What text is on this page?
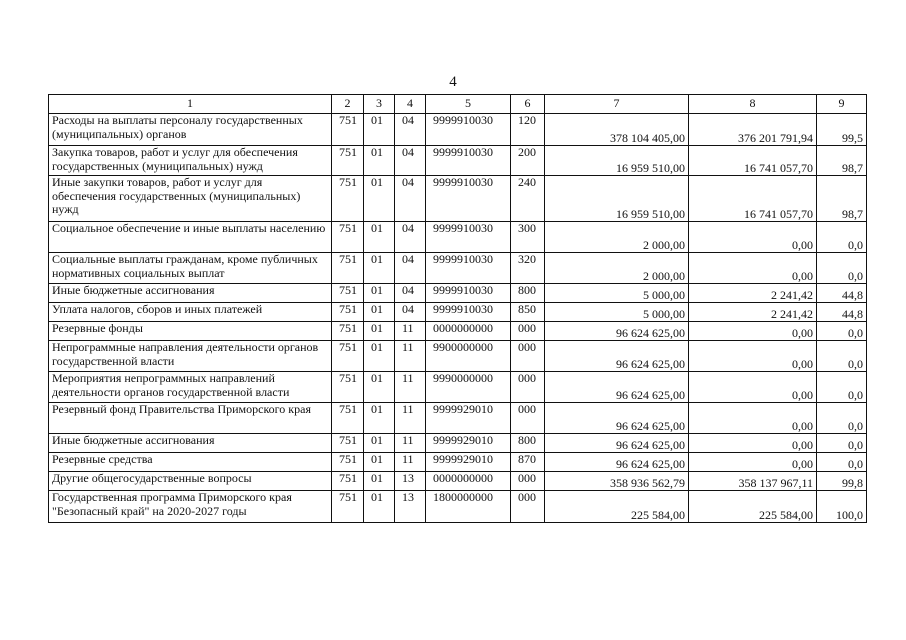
4
1	2	3	4	5	6	7	8	9
Расходы на выплаты персоналу государственных (муниципальных) органов	751	01	04	9999910030	120	378 104 405,00	376 201 791,94	99,5
Закупка товаров, работ и услуг для обеспечения государственных (муниципальных) нужд	751	01	04	9999910030	200	16 959 510,00	16 741 057,70	98,7
Иные закупки товаров, работ и услуг для обеспечения государственных (муниципальных) нужд	751	01	04	9999910030	240	16 959 510,00	16 741 057,70	98,7
Социальное обеспечение и иные выплаты населению	751	01	04	9999910030	300	2 000,00	0,00	0,0
Социальные выплаты гражданам, кроме публичных нормативных социальных выплат	751	01	04	9999910030	320	2 000,00	0,00	0,0
Иные бюджетные ассигнования	751	01	04	9999910030	800	5 000,00	2 241,42	44,8
Уплата налогов, сборов и иных платежей	751	01	04	9999910030	850	5 000,00	2 241,42	44,8
Резервные фонды	751	01	11	0000000000	000	96 624 625,00	0,00	0,0
Непрограммные направления деятельности органов государственной власти	751	01	11	9900000000	000	96 624 625,00	0,00	0,0
Мероприятия непрограммных направлений деятельности органов государственной власти	751	01	11	9990000000	000	96 624 625,00	0,00	0,0
Резервный фонд Правительства Приморского края	751	01	11	9999929010	000	96 624 625,00	0,00	0,0
Иные бюджетные ассигнования	751	01	11	9999929010	800	96 624 625,00	0,00	0,0
Резервные средства	751	01	11	9999929010	870	96 624 625,00	0,00	0,0
Другие общегосударственные вопросы	751	01	13	0000000000	000	358 936 562,79	358 137 967,11	99,8
Государственная программа Приморского края "Безопасный край" на 2020-2027 годы	751	01	13	1800000000	000	225 584,00	225 584,00	100,0
